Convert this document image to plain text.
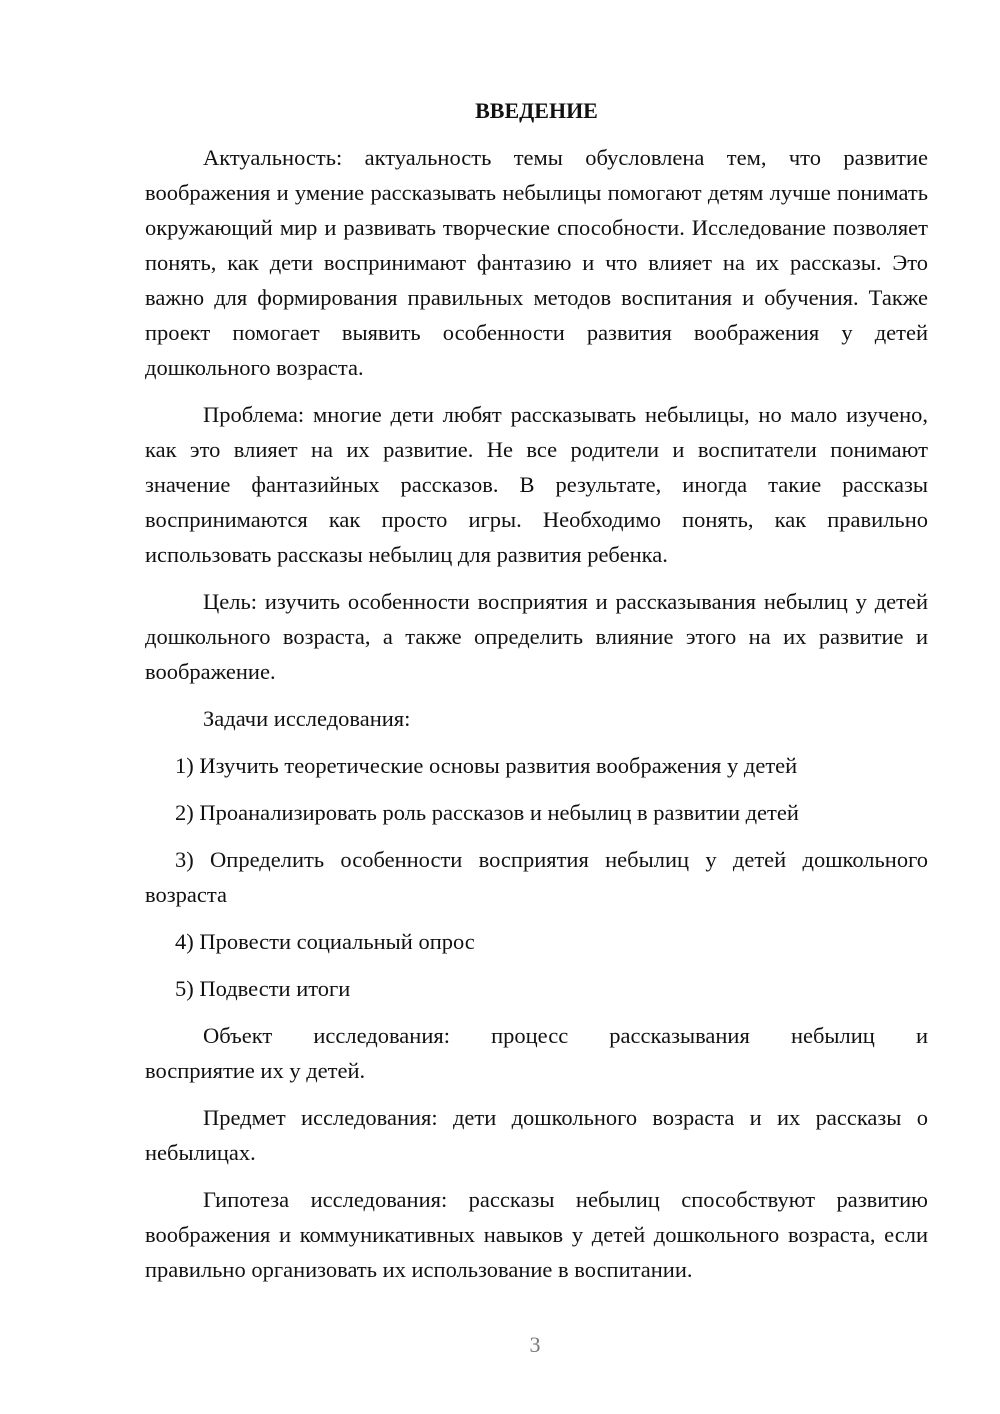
ВВЕДЕНИЕ

Актуальность: актуальность темы обусловлена тем, что развитие воображения и умение рассказывать небылицы помогают детям лучше понимать окружающий мир и развивать творческие способности. Исследование позволяет понять, как дети воспринимают фантазию и что влияет на их рассказы. Это важно для формирования правильных методов воспитания и обучения. Также проект помогает выявить особенности развития воображения у детей дошкольного возраста.

Проблема: многие дети любят рассказывать небылицы, но мало изучено, как это влияет на их развитие. Не все родители и воспитатели понимают значение фантазийных рассказов. В результате, иногда такие рассказы воспринимаются как просто игры. Необходимо понять, как правильно использовать рассказы небылиц для развития ребенка.

Цель: изучить особенности восприятия и рассказывания небылиц у детей дошкольного возраста, а также определить влияние этого на их развитие и воображение.

Задачи исследования:

1) Изучить теоретические основы развития воображения у детей

2) Проанализировать роль рассказов и небылиц в развитии детей

3) Определить особенности восприятия небылиц у детей дошкольного возраста

4) Провести социальный опрос

5) Подвести итоги

Объект исследования: процесс рассказывания небылиц и

восприятие их у детей.

Предмет исследования: дети дошкольного возраста и их рассказы о небылицах.

Гипотеза исследования: рассказы небылиц способствуют развитию воображения и коммуникативных навыков у детей дошкольного возраста, если правильно организовать их использование в воспитании.

3
